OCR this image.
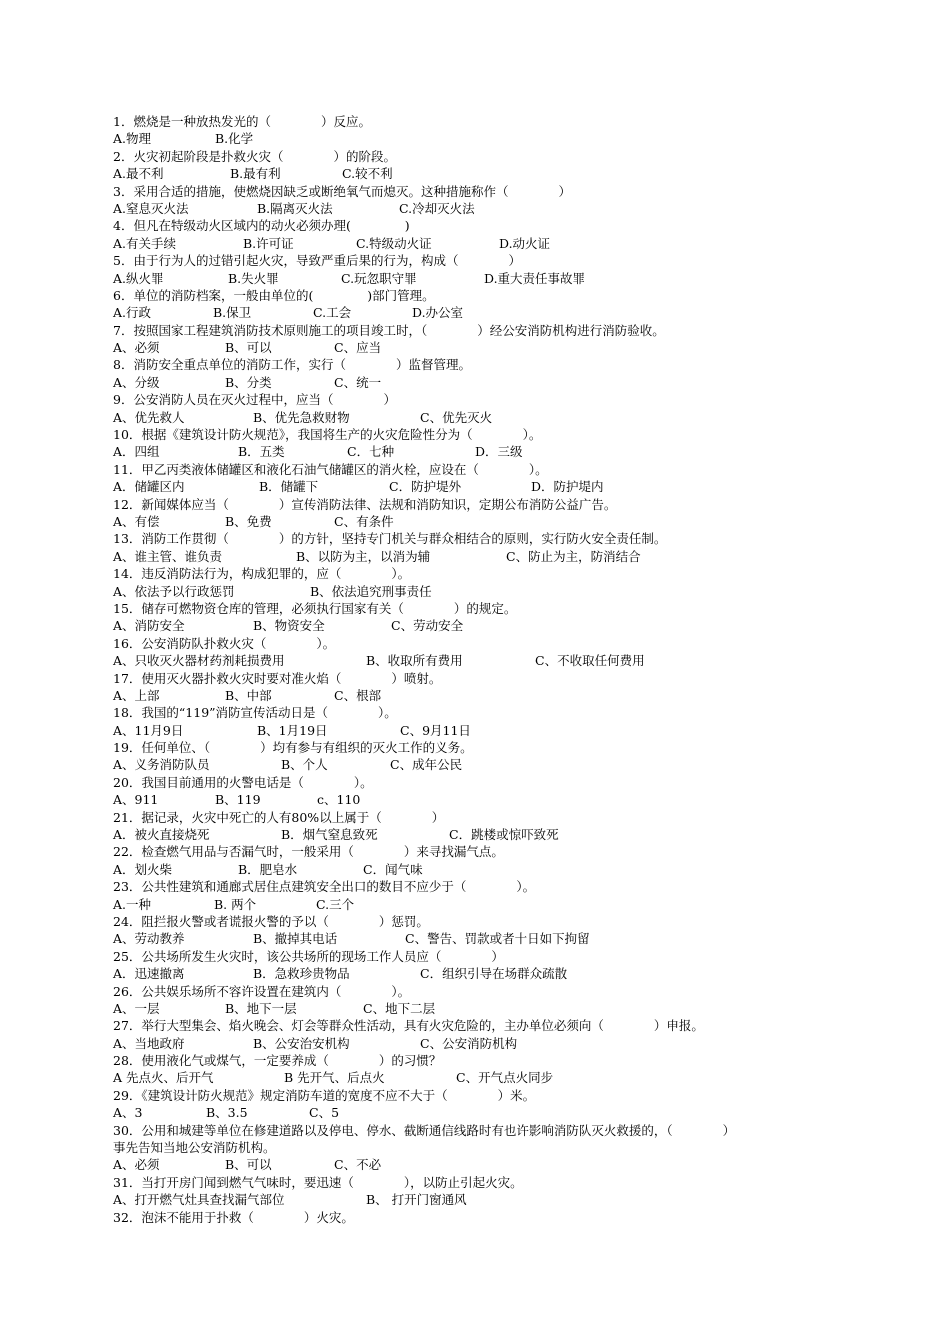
1．燃烧是一种放热发光的（　　　　）反应。
A.物理	B.化学
2．火灾初起阶段是扑救火灾（　　　　）的阶段。
A.最不利	B.最有利	C.较不利
3．采用合适的措施，使燃烧因缺乏或断绝氧气而熄灭。这种措施称作（　　　　）
A.窒息灭火法	B.隔离灭火法	C.冷却灭火法
4．但凡在特级动火区域内的动火必须办理(　　　　 )
A.有关手续	B.许可证	C.特级动火证	D.动火证
5．由于行为人的过错引起火灾，导致严重后果的行为，构成（　　　　）
A.纵火罪	B.失火罪	C.玩忽职守罪	D.重大责任事故罪
6．单位的消防档案，一般由单位的(　　　　 )部门管理。
A.行政	B.保卫	C.工会	D.办公室
7．按照国家工程建筑消防技术原则施工的项目竣工时，（　　　　）经公安消防机构进行消防验收。
A、必须	B、可以	C、应当
8．消防安全重点单位的消防工作，实行（　　　　）监督管理。
A、分级	B、分类	C、统一
9．公安消防人员在灭火过程中，应当（　　　　）
A、优先救人	B、优先急救财物	C、优先灭火
10．根据《建筑设计防火规范》，我国将生产的火灾危险性分为（　　　　）。
A．四组	B．五类	C．七种	D．三级
11．甲乙丙类液体储罐区和液化石油气储罐区的消火栓，应设在（　　　　）。
A．储罐区内	B．储罐下	C．防护堤外	D．防护堤内
12．新闻媒体应当（　　　　）宣传消防法律、法规和消防知识，定期公布消防公益广告。
A、有偿	B、免费	C、有条件
13．消防工作贯彻（　　　　）的方针，坚持专门机关与群众相结合的原则，实行防火安全责任制。
A、谁主管、谁负责	B、以防为主，以消为辅	C、防止为主，防消结合
14．违反消防法行为，构成犯罪的，应（　　　　）。
A、依法予以行政惩罚	B、依法追究刑事责任
15．储存可燃物资仓库的管理，必须执行国家有关（　　　　）的规定。
A、消防安全	B、物资安全	C、劳动安全
16．公安消防队扑救火灾（　　　　）。
A、只收灭火器材药剂耗损费用	B、收取所有费用	C、不收取任何费用
17．使用灭火器扑救火灾时要对准火焰（　　　　）喷射。
A、上部	B、中部	C、根部
18．我国的“119”消防宣传活动日是（　　　　）。
A、11月9日	B、1月19日	C、9月11日
19．任何单位、（　　　　）均有参与有组织的灭火工作的义务。
A、义务消防队员	B、个人	C、成年公民
20．我国目前通用的火警电话是（　　　　）。
A、911	B、119	c、110
21．据记录，火灾中死亡的人有80%以上属于（　　　　）
A．被火直接烧死	B．烟气窒息致死	C．跳楼或惊吓致死
22．检查燃气用品与否漏气时，一般采用（　　　　）来寻找漏气点。
A．划火柴	B．肥皂水	C．闻气味
23．公共性建筑和通廊式居住点建筑安全出口的数目不应少于（　　　　）。
A.一种	B. 两个	C.三个
24．阻拦报火警或者谎报火警的予以（　　　　）惩罚。
A、劳动教养	B、撤掉其电话	C、警告、罚款或者十日如下拘留
25．公共场所发生火灾时，该公共场所的现场工作人员应（　　　　）
A．迅速撤离	B．急救珍贵物品	C．组织引导在场群众疏散
26．公共娱乐场所不容许设置在建筑内（　　　　）。
A、一层	B、地下一层	C、地下二层
27．举行大型集会、焰火晚会、灯会等群众性活动，具有火灾危险的，主办单位必须向（　　　　）申报。
A、当地政府	B、公安治安机构	C、公安消防机构
28．使用液化气或煤气，一定要养成（　　　　）的习惯？
A 先点火、后开气	B 先开气、后点火	C、开气点火同步
29．《建筑设计防火规范》规定消防车道的宽度不应不大于（　　　　）米。
A、3	B、3.5	C、5
30．公用和城建等单位在修建道路以及停电、停水、截断通信线路时有也许影响消防队灭火救援的，（　　　　）
事先告知当地公安消防机构。
A、必须	B、可以	C、不必
31．当打开房门闻到燃气气味时，要迅速（　　　　），以防止引起火灾。
A、打开燃气灶具查找漏气部位	B、 打开门窗通风
32．泡沫不能用于扑救（　　　　）火灾。
